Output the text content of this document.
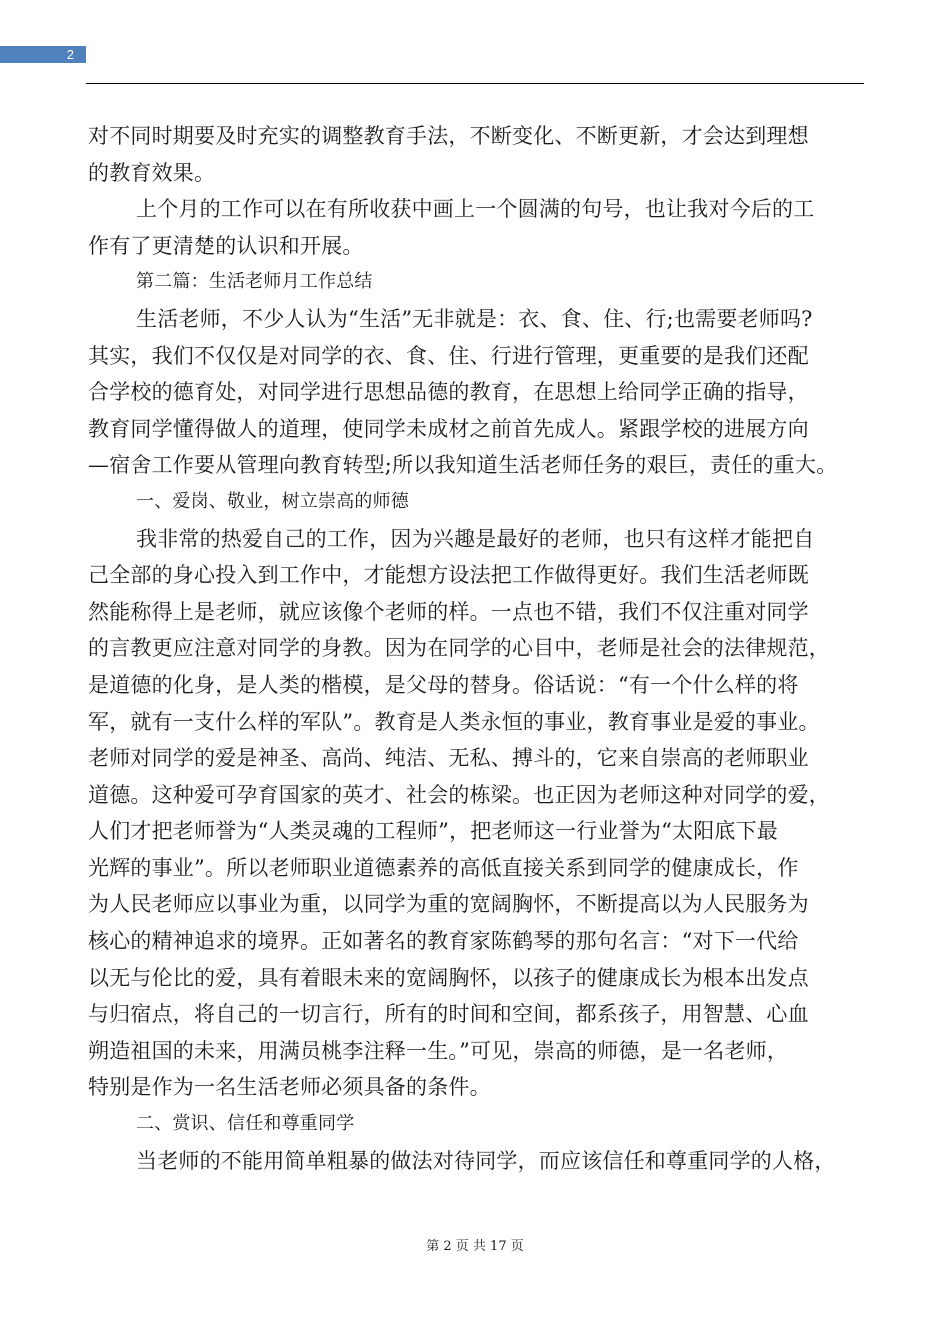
2
对不同时期要及时充实的调整教育手法，不断变化、不断更新，才会达到理想
的教育效果。
上个月的工作可以在有所收获中画上一个圆满的句号，也让我对今后的工
作有了更清楚的认识和开展。
第二篇：生活老师月工作总结
生活老师，不少人认为“生活”无非就是：衣、食、住、行;也需要老师吗?
其实，我们不仅仅是对同学的衣、食、住、行进行管理，更重要的是我们还配
合学校的德育处，对同学进行思想品德的教育，在思想上给同学正确的指导，
教育同学懂得做人的道理，使同学未成材之前首先成人。紧跟学校的进展方向
—宿舍工作要从管理向教育转型;所以我知道生活老师任务的艰巨，责任的重大。
一、爱岗、敬业，树立崇高的师德
我非常的热爱自己的工作，因为兴趣是最好的老师，也只有这样才能把自
己全部的身心投入到工作中，才能想方设法把工作做得更好。我们生活老师既
然能称得上是老师，就应该像个老师的样。一点也不错，我们不仅注重对同学
的言教更应注意对同学的身教。因为在同学的心目中，老师是社会的法律规范，
是道德的化身，是人类的楷模，是父母的替身。俗话说：“有一个什么样的将
军，就有一支什么样的军队”。教育是人类永恒的事业，教育事业是爱的事业。
老师对同学的爱是神圣、高尚、纯洁、无私、搏斗的，它来自崇高的老师职业
道德。这种爱可孕育国家的英才、社会的栋梁。也正因为老师这种对同学的爱，
人们才把老师誉为“人类灵魂的工程师”，把老师这一行业誉为“太阳底下最
光辉的事业”。所以老师职业道德素养的高低直接关系到同学的健康成长，作
为人民老师应以事业为重，以同学为重的宽阔胸怀，不断提高以为人民服务为
核心的精神追求的境界。正如著名的教育家陈鹤琴的那句名言：“对下一代给
以无与伦比的爱，具有着眼未来的宽阔胸怀，以孩子的健康成长为根本出发点
与归宿点，将自己的一切言行，所有的时间和空间，都系孩子，用智慧、心血
朔造祖国的未来，用满员桃李注释一生。”可见，崇高的师德，是一名老师，
特别是作为一名生活老师必须具备的条件。
二、赏识、信任和尊重同学
当老师的不能用简单粗暴的做法对待同学，而应该信任和尊重同学的人格，
第 2 页 共 17 页
